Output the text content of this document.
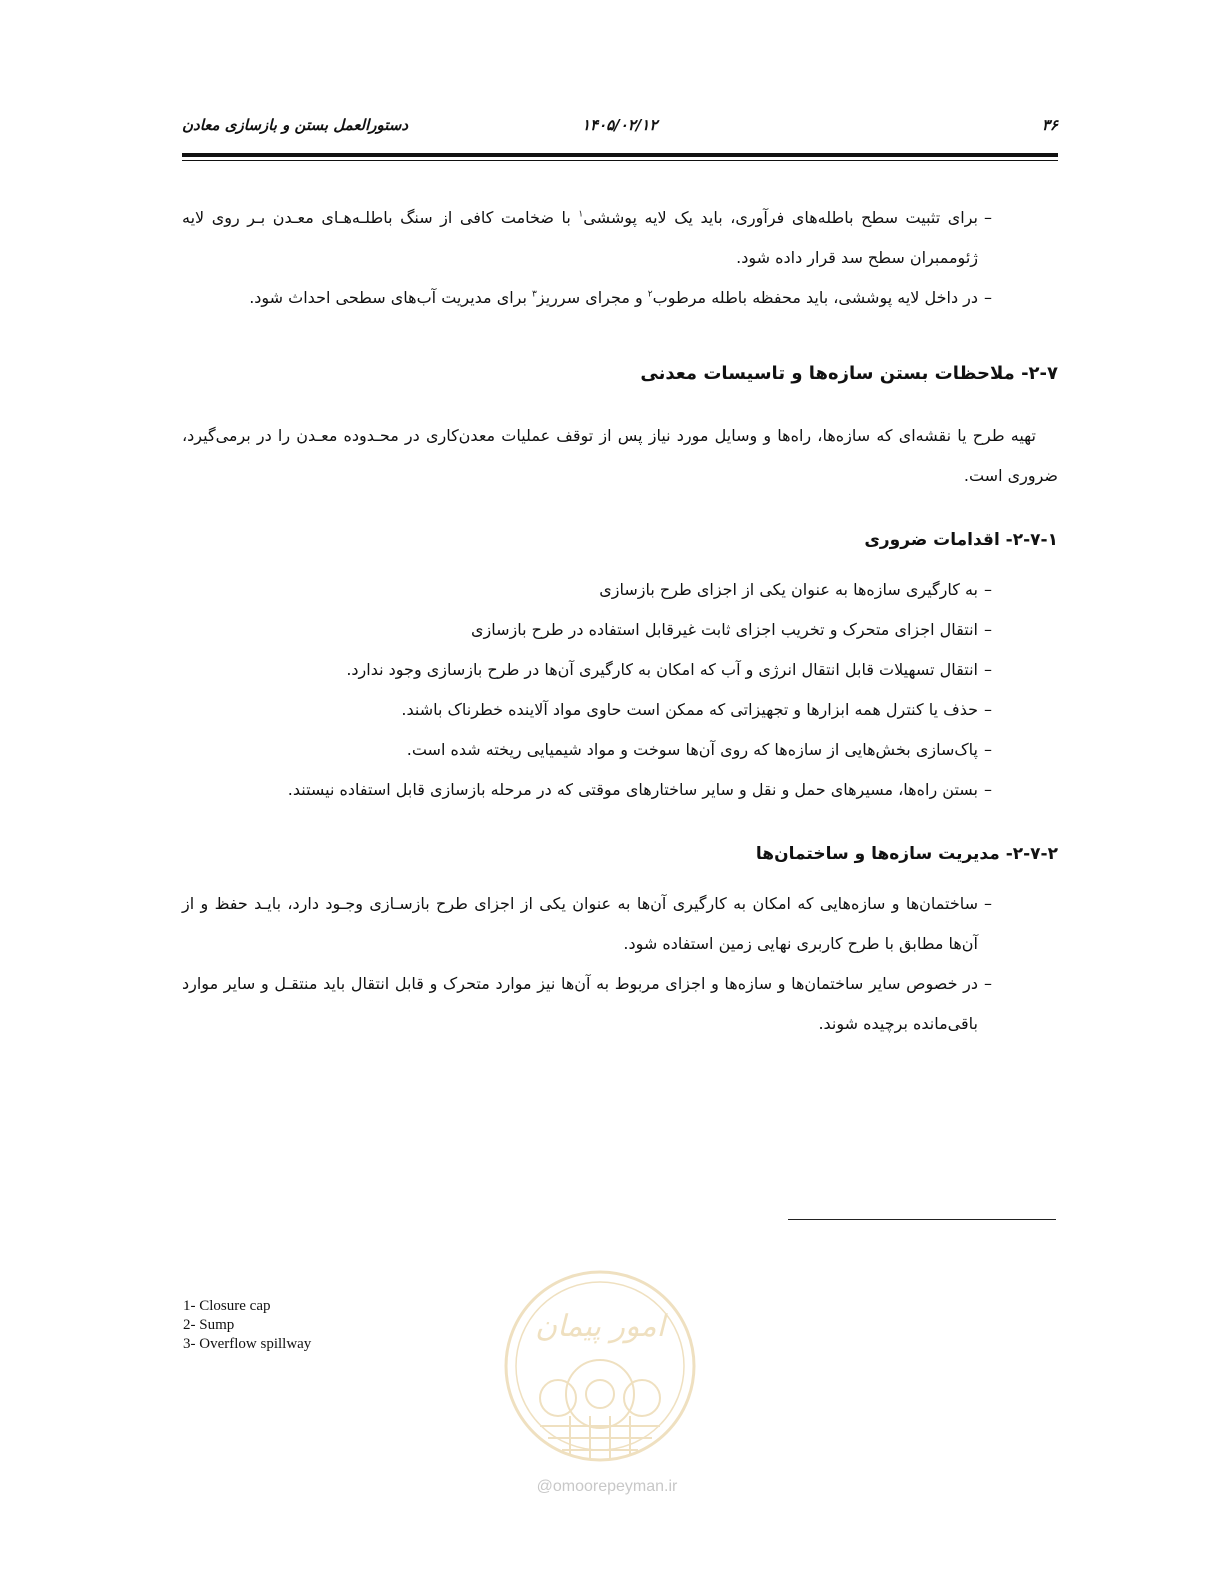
۳۶
۱۴۰۵/۰۲/۱۲
دستورالعمل بستن و بازسازی معادن
–
برای تثبیت سطح باطله‌های فرآوری، باید یک لایه پوششی$^۱$ با ضخامت کافی از سنگ باطلـه‌هـای معـدن بـر روی لایه ژئوممبران سطح سد قرار داده شود.
–
در داخل لایه پوششی، باید محفظه باطله مرطوب$^۲$ و مجرای سرریز$^۳$ برای مدیریت آب‌های سطحی احداث شود.
۲-۷- ملاحظات بستن سازه‌ها و تاسیسات معدنی
تهیه طرح یا نقشه‌ای که سازه‌ها، راه‌ها و وسایل مورد نیاز پس از توقف عملیات معدن‌کاری در محـدوده معـدن را در برمی‌گیرد، ضروری است.
۲-۷-۱- اقدامات ضروری
–
به کارگیری سازه‌ها به عنوان یکی از اجزای طرح بازسازی
–
انتقال اجزای متحرک و تخریب اجزای ثابت غیرقابل استفاده در طرح بازسازی
–
انتقال تسهیلات قابل انتقال انرژی و آب که امکان به کارگیری آن‌ها در طرح بازسازی وجود ندارد.
–
حذف یا کنترل همه ابزارها و تجهیزاتی که ممکن است حاوی مواد آلاینده خطرناک باشند.
–
پاک‌سازی بخش‌هایی از سازه‌ها که روی آن‌ها سوخت و مواد شیمیایی ریخته شده است.
–
بستن راه‌ها، مسیرهای حمل و نقل و سایر ساختارهای موقتی که در مرحله بازسازی قابل استفاده نیستند.
۲-۷-۲- مدیریت سازه‌ها و ساختمان‌ها
–
ساختمان‌ها و سازه‌هایی که امکان به کارگیری آن‌ها به عنوان یکی از اجزای طرح بازسـازی وجـود دارد، بایـد حفظ و از آن‌ها مطابق با طرح کاربری نهایی زمین استفاده شود.
–
در خصوص سایر ساختمان‌ها و سازه‌ها و اجزای مربوط به آن‌ها نیز موارد متحرک و قابل انتقال باید منتقـل و سایر موارد باقی‌مانده برچیده شوند.
1- Closure cap
2- Sump
3- Overflow spillway	امور پیمان
@omoorepeyman.ir
